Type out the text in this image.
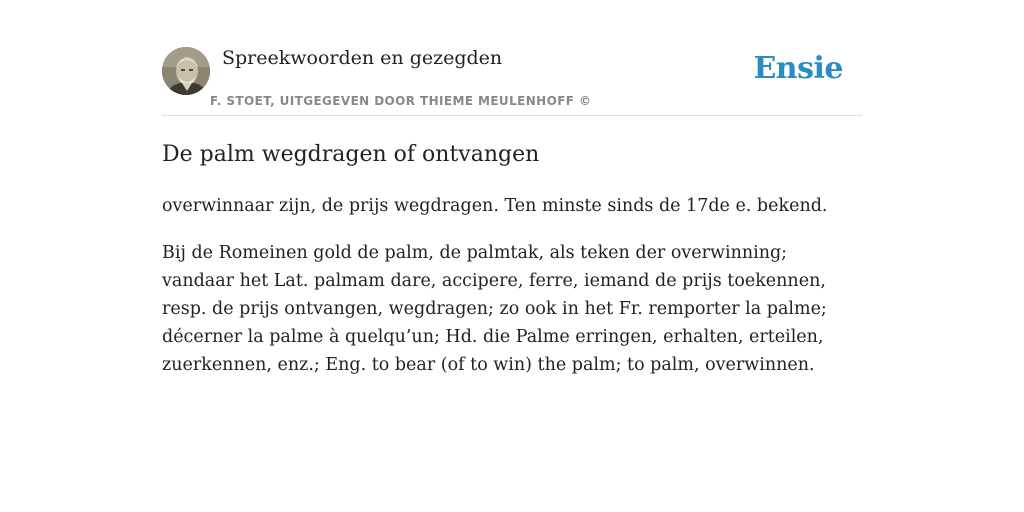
Spreekwoorden en gezegden
F. STOET, UITGEGEVEN DOOR THIEME MEULENHOFF ©
Ensie
De palm wegdragen of ontvangen

overwinnaar zijn, de prijs wegdragen. Ten minste sinds de 17de e. bekend.

Bij de Romeinen gold de palm, de palmtak, als teken der overwinning; vandaar het Lat. palmam dare, accipere, ferre, iemand de prijs toekennen, resp. de prijs ontvangen, wegdragen; zo ook in het Fr. remporter la palme; décerner la palme à quelqu’un; Hd. die Palme erringen, erhalten, erteilen, zuerkennen, enz.; Eng. to bear (of to win) the palm; to palm, overwinnen.
